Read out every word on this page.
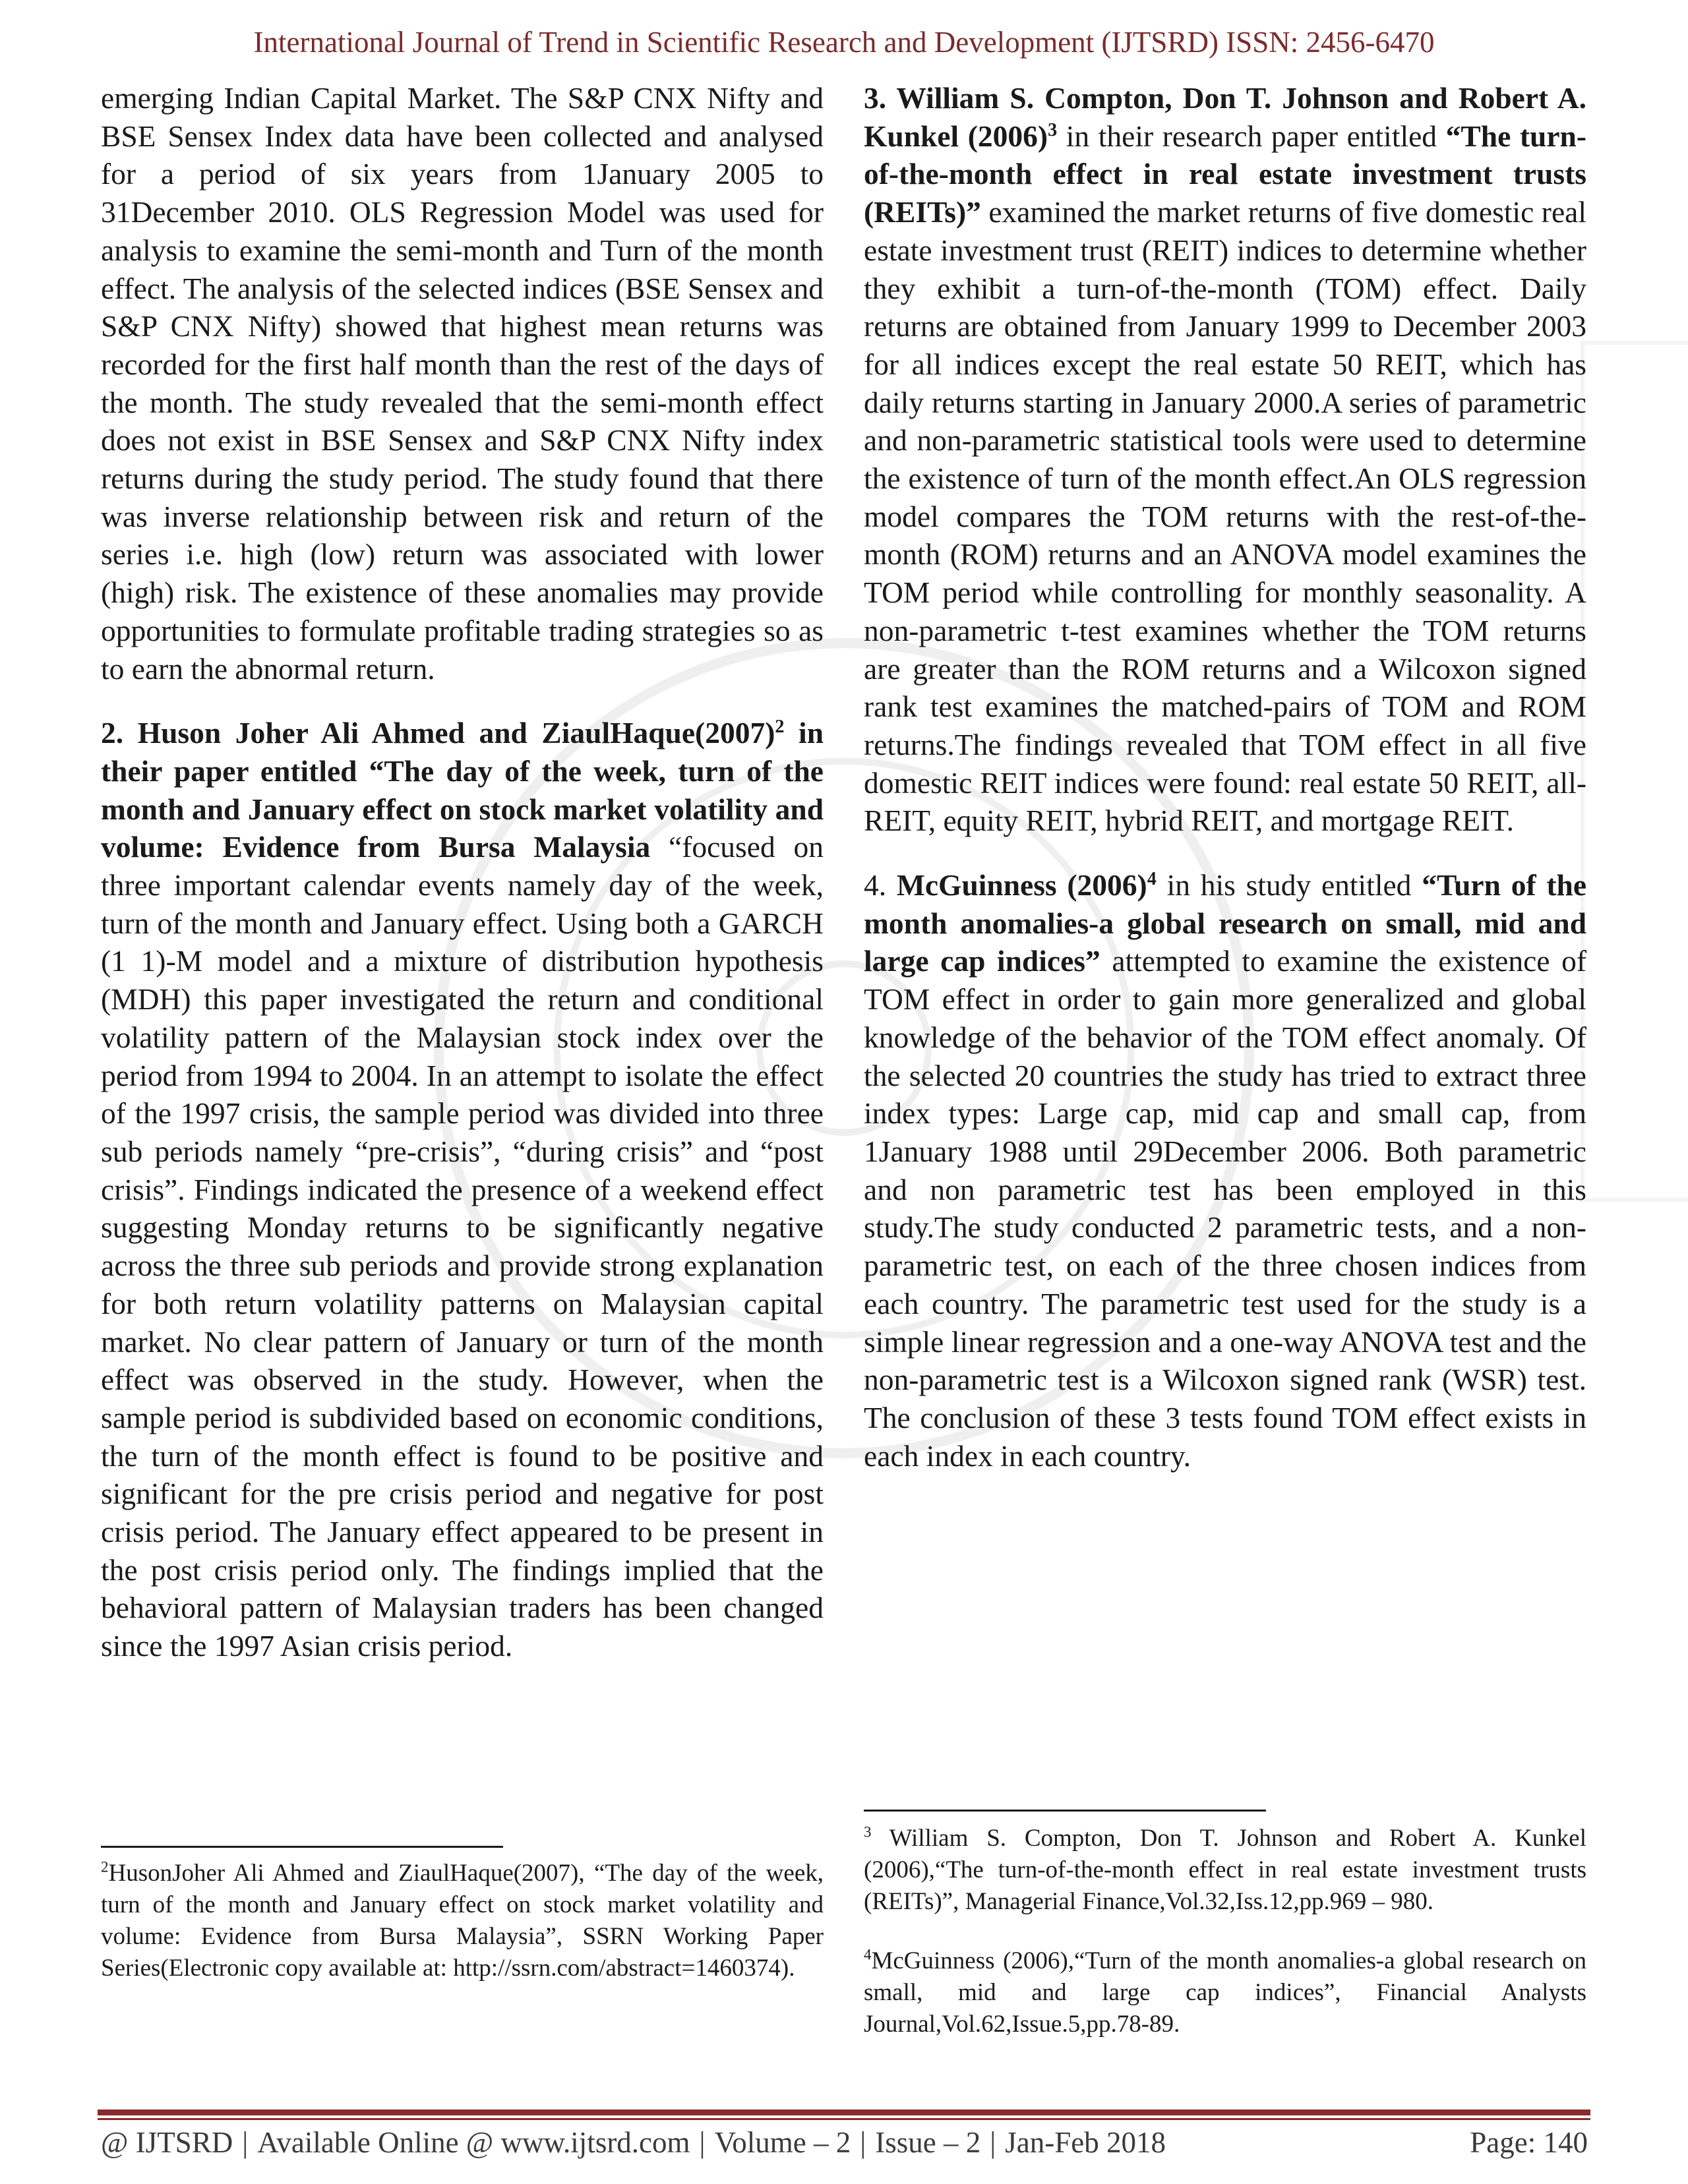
International Journal of Trend in Scientific Research and Development (IJTSRD) ISSN: 2456-6470

emerging Indian Capital Market. The S&P CNX Nifty and BSE Sensex Index data have been collected and analysed for a period of six years from 1January 2005 to 31December 2010. OLS Regression Model was used for analysis to examine the semi-month and Turn of the month effect. The analysis of the selected indices (BSE Sensex and S&P CNX Nifty) showed that highest mean returns was recorded for the first half month than the rest of the days of the month. The study revealed that the semi-month effect does not exist in BSE Sensex and S&P CNX Nifty index returns during the study period. The study found that there was inverse relationship between risk and return of the series i.e. high (low) return was associated with lower (high) risk. The existence of these anomalies may provide opportunities to formulate profitable trading strategies so as to earn the abnormal return.

2. Huson Joher Ali Ahmed and $ZiaulHaque(2007)^2$ in their paper entitled “The day of the week, turn of the month and January effect on stock market volatility and volume: Evidence from Bursa Malaysia “focused on three important calendar events namely day of the week, turn of the month and January effect. Using both a GARCH (1 1)-M model and a mixture of distribution hypothesis (MDH) this paper investigated the return and conditional volatility pattern of the Malaysian stock index over the period from 1994 to 2004. In an attempt to isolate the effect of the 1997 crisis, the sample period was divided into three sub periods namely “pre-crisis”, “during crisis” and “post crisis”. Findings indicated the presence of a weekend effect suggesting Monday returns to be significantly negative across the three sub periods and provide strong explanation for both return volatility patterns on Malaysian capital market. No clear pattern of January or turn of the month effect was observed in the study. However, when the sample period is subdivided based on economic conditions, the turn of the month effect is found to be positive and significant for the pre crisis period and negative for post crisis period. The January effect appeared to be present in the post crisis period only. The findings implied that the behavioral pattern of Malaysian traders has been changed since the 1997 Asian crisis period.

3. William S. Compton, Don T. Johnson and Robert A. Kunkel $(2006)^3$ in their research paper entitled “The turn-of-the-month effect in real estate investment trusts (REITs)” examined the market returns of five domestic real estate investment trust (REIT) indices to determine whether they exhibit a turn-of-the-month (TOM) effect. Daily returns are obtained from January 1999 to December 2003 for all indices except the real estate 50 REIT, which has daily returns starting in January 2000.A series of parametric and non-parametric statistical tools were used to determine the existence of turn of the month effect.An OLS regression model compares the TOM returns with the rest-of-the- month (ROM) returns and an ANOVA model examines the TOM period while controlling for monthly seasonality. A non-parametric t-test examines whether the TOM returns are greater than the ROM returns and a Wilcoxon signed rank test examines the matched-pairs of TOM and ROM returns.The findings revealed that TOM effect in all five domestic REIT indices were found: real estate 50 REIT, all-REIT, equity REIT, hybrid REIT, and mortgage REIT.

4. McGuinness $(2006)^4$ in his study entitled “Turn of the month anomalies-a global research on small, mid and large cap indices” attempted to examine the existence of TOM effect in order to gain more generalized and global knowledge of the behavior of the TOM effect anomaly. Of the selected 20 countries the study has tried to extract three index types: Large cap, mid cap and small cap, from 1January 1988 until 29December 2006. Both parametric and non parametric test has been employed in this study.The study conducted 2 parametric tests, and a non-parametric test, on each of the three chosen indices from each country. The parametric test used for the study is a simple linear regression and a one-way ANOVA test and the non-parametric test is a Wilcoxon signed rank (WSR) test. The conclusion of these 3 tests found TOM effect exists in each index in each country.

$^2$HusonJoher Ali Ahmed and ZiaulHaque(2007), “The day of the week, turn of the month and January effect on stock market volatility and volume: Evidence from Bursa Malaysia”, SSRN Working Paper Series(Electronic copy available at: http://ssrn.com/abstract=1460374).

$^3$ William S. Compton, Don T. Johnson and Robert A. Kunkel (2006),“The turn-of-the-month effect in real estate investment trusts (REITs)”, Managerial Finance,Vol.32,Iss.12,pp.969 – 980.

$^4$McGuinness (2006),“Turn of the month anomalies-a global research on small, mid and large cap indices”, Financial Analysts Journal,Vol.62,Issue.5,pp.78-89.

@ IJTSRD | Available Online @ www.ijtsrd.com | Volume – 2 | Issue – 2 | Jan-Feb 2018	Page: 140
